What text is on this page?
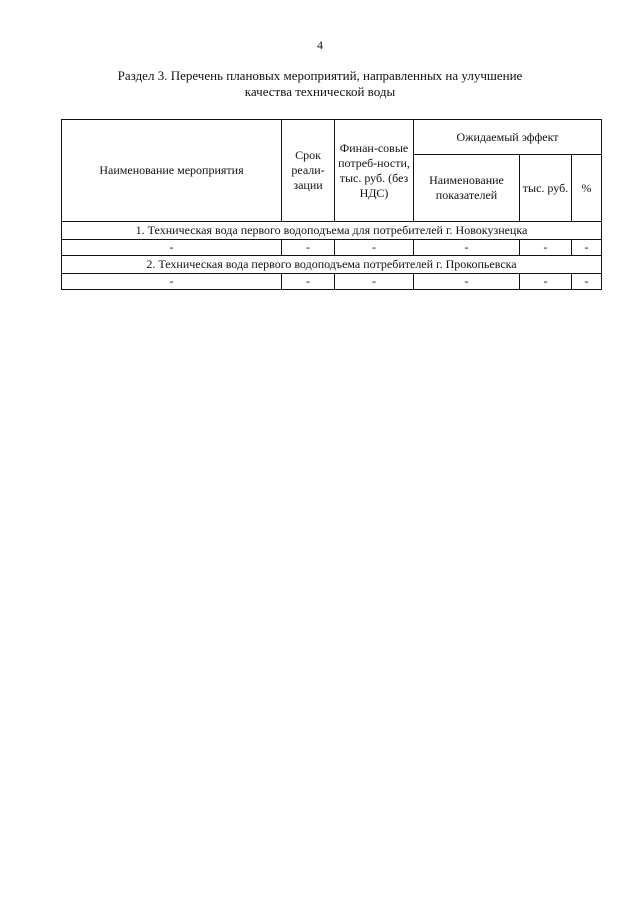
4
Раздел 3. Перечень плановых мероприятий, направленных на улучшение
качества технической воды
Наименование мероприятия	Срок реали-зации	Финан-совые потреб-ности, тыс. руб. (без НДС)	Ожидаемый эффект		
			Наименование показателей	тыс. руб.	%
1. Техническая вода первого водоподъема для потребителей г. Новокузнецка					
-	-	-	-	-	-
2. Техническая вода первого водоподъема потребителей г. Прокопьевска					
-	-	-	-	-	-
